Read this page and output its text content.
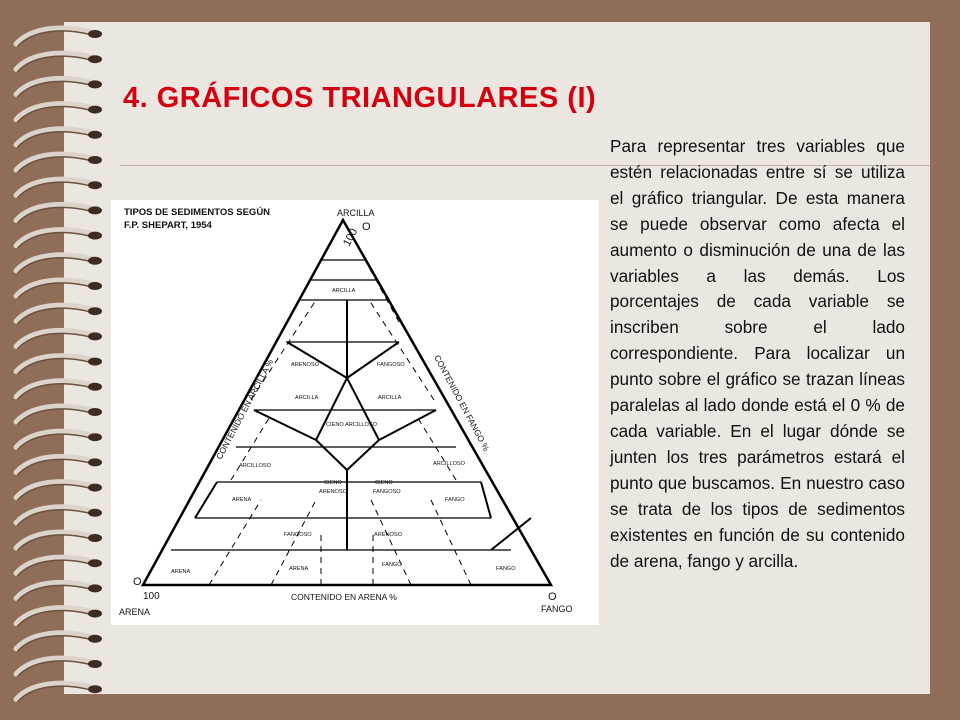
4. GRÁFICOS TRIANGULARES (I)
TIPOS DE SEDIMENTOS SEGÚN
F.P. SHEPART, 1954
ARCILLA
ARENA	FANGO
100 O
O
100	O
CONTENIDO EN ARCILLA %	CONTENIDO EN FANGO %
CONTENIDO EN ARENA %
ARCILLA
ARENOSO	FANGOSO
ARCILLA	ARCILLA
CIENO ARCILLOSO
ARCILLOSO	ARCILLOSO
ARENA
CIENO
ARENOSO
CIENO
FANGOSO
FANGO
FANGOSO	ARENOSO
ARENA	ARENA
FANGO
FANGO

Para representar tres variables que estén relacionadas entre sí se utiliza el gráfico triangular. De esta manera se puede observar como afecta el aumento o disminución de una de las variables a las demás. Los porcentajes de cada variable se inscriben sobre el lado correspondiente. Para localizar un punto sobre el gráfico se trazan líneas paralelas al lado donde está el 0 % de cada variable. En el lugar dónde se junten los tres parámetros estará el punto que buscamos. En nuestro caso se trata de los tipos de sedimentos existentes en función de su contenido de arena, fango y arcilla.
